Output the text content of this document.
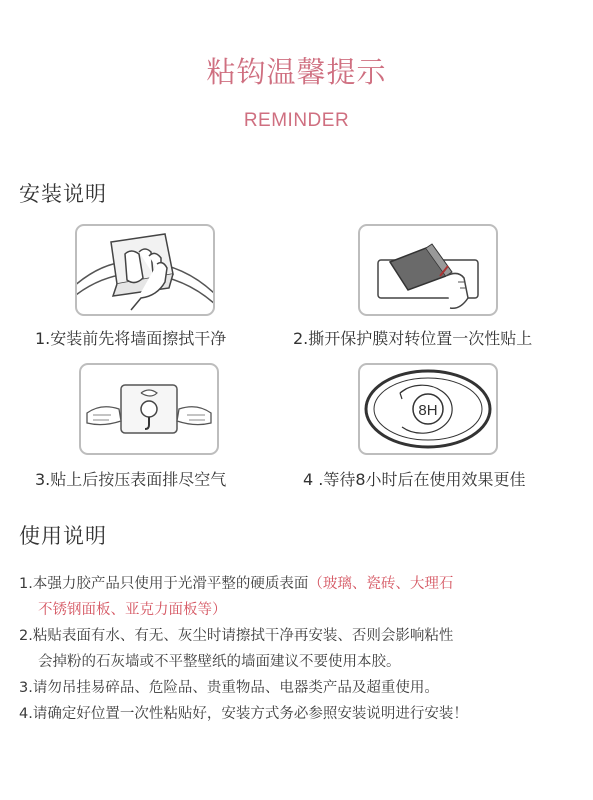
粘钩温馨提示
REMINDER
安装说明
1.安装前先将墙面擦拭干净	2.撕开保护膜对转位置一次性贴上
3.贴上后按压表面排尽空气
8H
4 .等待8小时后在使用效果更佳
使用说明
1.本强力胶产品只使用于光滑平整的硬质表面（玻璃、瓷砖、大理石
不锈钢面板、亚克力面板等）
2.粘贴表面有水、有无、灰尘时请擦拭干净再安装、否则会影响粘性
会掉粉的石灰墙或不平整壁纸的墙面建议不要使用本胶。
3.请勿吊挂易碎品、危险品、贵重物品、电器类产品及超重使用。
4.请确定好位置一次性粘贴好，安装方式务必参照安装说明进行安装！
